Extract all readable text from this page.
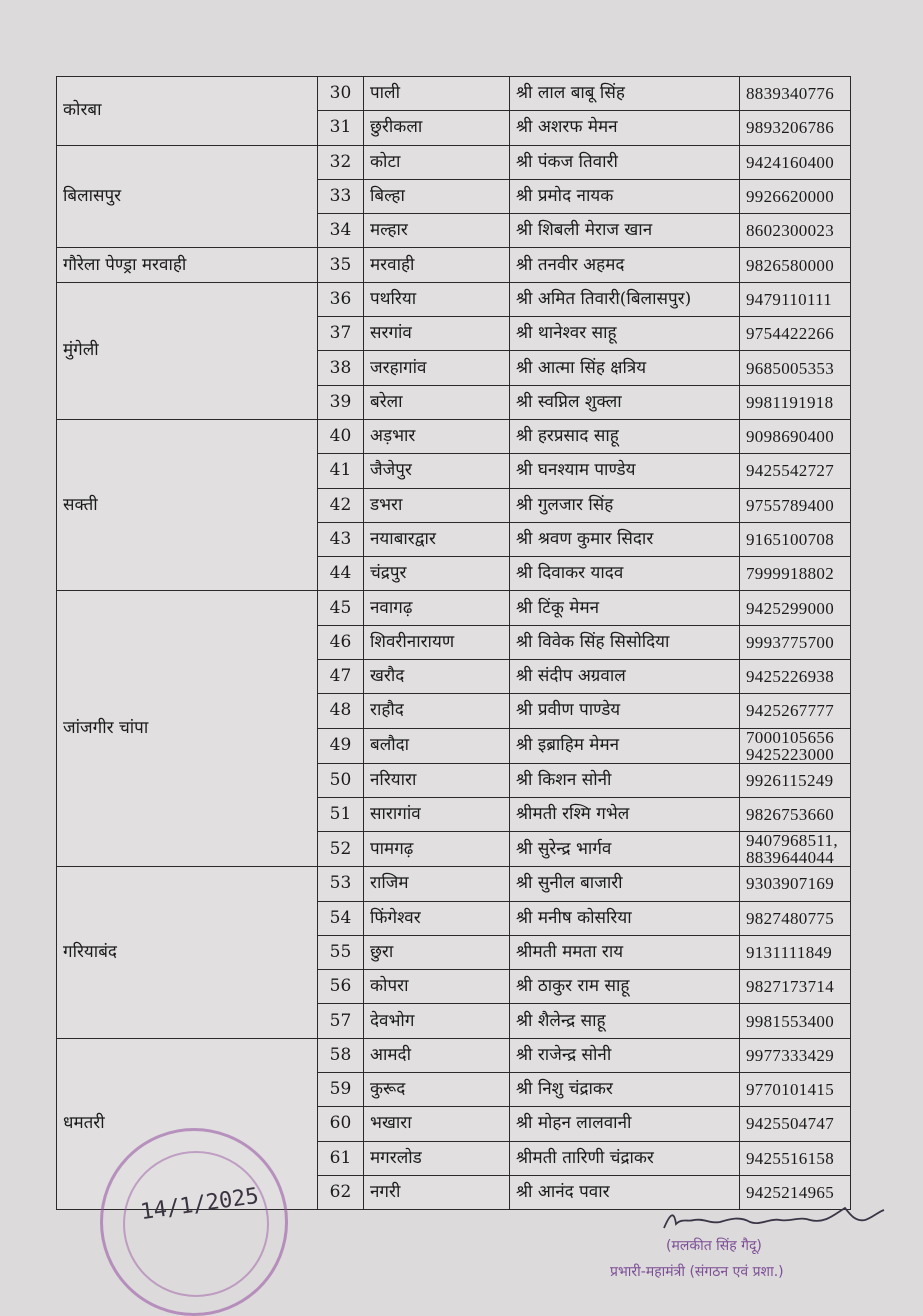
कोरबा	30	पाली	श्री लाल बाबू सिंह	8839340776
	31	छुरीकला	श्री अशरफ मेमन	9893206786
बिलासपुर	32	कोटा	श्री पंकज तिवारी	9424160400
	33	बिल्हा	श्री प्रमोद नायक	9926620000
	34	मल्हार	श्री शिबली मेराज खान	8602300023
गौरेला पेण्ड्रा मरवाही	35	मरवाही	श्री तनवीर अहमद	9826580000
मुंगेली	36	पथरिया	श्री अमित तिवारी(बिलासपुर)	9479110111
	37	सरगांव	श्री थानेश्वर साहू	9754422266
	38	जरहागांव	श्री आत्मा सिंह क्षत्रिय	9685005353
	39	बरेला	श्री स्वप्निल शुक्ला	9981191918
सक्ती	40	अड़भार	श्री हरप्रसाद साहू	9098690400
	41	जैजेपुर	श्री घनश्याम पाण्डेय	9425542727
	42	डभरा	श्री गुलजार सिंह	9755789400
	43	नयाबारद्वार	श्री श्रवण कुमार सिदार	9165100708
	44	चंद्रपुर	श्री दिवाकर यादव	7999918802
जांजगीर चांपा	45	नवागढ़	श्री टिंकू मेमन	9425299000
	46	शिवरीनारायण	श्री विवेक सिंह सिसोदिया	9993775700
	47	खरौद	श्री संदीप अग्रवाल	9425226938
	48	राहौद	श्री प्रवीण पाण्डेय	9425267777
	49	बलौदा	श्री इब्राहिम मेमन	7000105656
9425223000

	50	नरियारा	श्री किशन सोनी	9926115249
	51	सारागांव	श्रीमती रश्मि गभेल	9826753660
	52	पामगढ़	श्री सुरेन्द्र भार्गव	9407968511,
8839644044

गरियाबंद	53	राजिम	श्री सुनील बाजारी	9303907169
	54	फिंगेश्वर	श्री मनीष कोसरिया	9827480775
	55	छुरा	श्रीमती ममता राय	9131111849
	56	कोपरा	श्री ठाकुर राम साहू	9827173714
	57	देवभोग	श्री शैलेन्द्र साहू	9981553400
धमतरी	58	आमदी	श्री राजेन्द्र सोनी	9977333429
	59	कुरूद	श्री निशु चंद्राकर	9770101415
	60	भखारा	श्री मोहन लालवानी	9425504747
	61	मगरलोड	श्रीमती तारिणी चंद्राकर	9425516158
	62	नगरी	श्री आनंद पवार	9425214965
14/1/2025
(मलकीत सिंह गैदू)
प्रभारी-महामंत्री (संगठन एवं प्रशा.)
